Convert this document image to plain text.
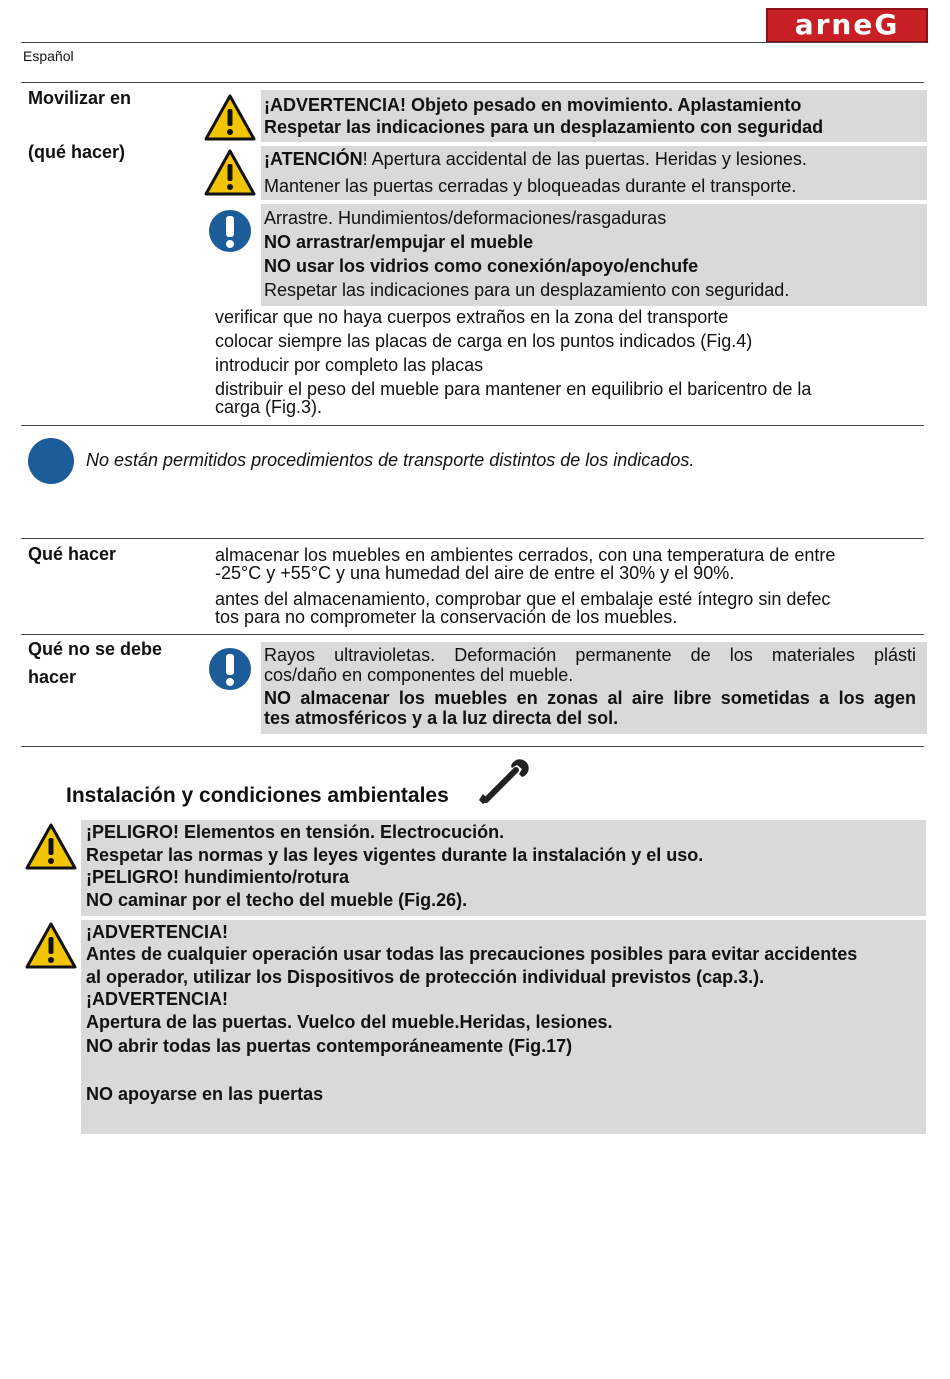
arneG
Español
Movilizar en
(qué hacer)
¡ADVERTENCIA! Objeto pesado en movimiento. Aplastamiento
Respetar las indicaciones para un desplazamiento con seguridad
¡ATENCIÓN! Apertura accidental de las puertas. Heridas y lesiones.
Mantener las puertas cerradas y bloqueadas durante el transporte.
Arrastre. Hundimientos/deformaciones/rasgaduras
NO arrastrar/empujar el mueble
NO usar los vidrios como conexión/apoyo/enchufe
Respetar las indicaciones para un desplazamiento con seguridad.
verificar que no haya cuerpos extraños en la zona del transporte
colocar siempre las placas de carga en los puntos indicados (Fig.4)
introducir por completo las placas
distribuir el peso del mueble para mantener en equilibrio el baricentro de la
carga (Fig.3).
No están permitidos procedimientos de transporte distintos de los indicados.
Qué hacer	almacenar los muebles en ambientes cerrados, con una temperatura de entre
-25°C y +55°C y una humedad del aire de entre el 30% y el 90%.
antes del almacenamiento, comprobar que el embalaje esté íntegro sin defec
tos para no comprometer la conservación de los muebles.
Qué no se debe
hacer
Rayos ultravioletas. Deformación permanente de los materiales plásti
cos/daño en componentes del mueble.
NO almacenar los muebles en zonas al aire libre sometidas a los agen
tes atmosféricos y a la luz directa del sol.
Instalación y condiciones ambientales
¡PELIGRO! Elementos en tensión. Electrocución.
Respetar las normas y las leyes vigentes durante la instalación y el uso.
¡PELIGRO! hundimiento/rotura
NO caminar por el techo del mueble (Fig.26).
¡ADVERTENCIA!
Antes de cualquier operación usar todas las precauciones posibles para evitar accidentes
al operador, utilizar los Dispositivos de protección individual previstos (cap.3.).
¡ADVERTENCIA!
Apertura de las puertas. Vuelco del mueble.Heridas, lesiones.
NO abrir todas las puertas contemporáneamente (Fig.17)
NO apoyarse en las puertas
